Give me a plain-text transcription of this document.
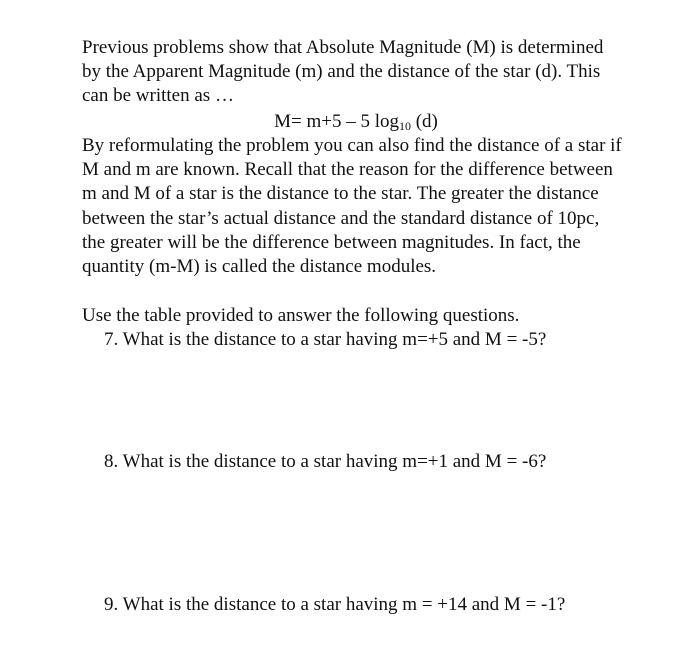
Previous problems show that Absolute Magnitude (M) is determined by the Apparent Magnitude (m) and the distance of the star (d). This can be written as …

M= m+5 – 5 $\log_{10} (d)$

By reformulating the problem you can also find the distance of a star if M and m are known. Recall that the reason for the difference between m and M of a star is the distance to the star. The greater the distance between the star’s actual distance and the standard distance of 10pc, the greater will be the difference between magnitudes. In fact, the quantity (m-M) is called the distance modules.

Use the table provided to answer the following questions.

7. What is the distance to a star having m=+5 and M = -5?
8. What is the distance to a star having m=+1 and M = -6?
9. What is the distance to a star having m = +14 and M = -1?
